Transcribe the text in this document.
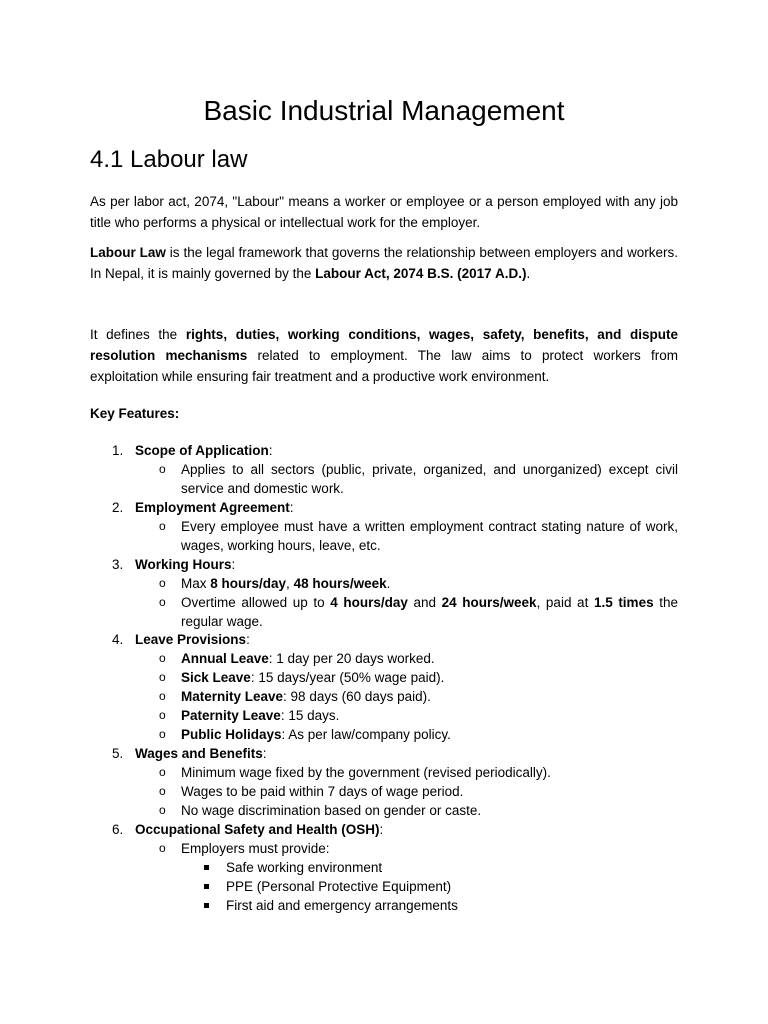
Basic Industrial Management
4.1 Labour law

As per labor act, 2074, "Labour" means a worker or employee or a person employed with any job title who performs a physical or intellectual work for the employer.

Labour Law is the legal framework that governs the relationship between employers and workers. In Nepal, it is mainly governed by the Labour Act, 2074 B.S. (2017 A.D.).

It defines the rights, duties, working conditions, wages, safety, benefits, and dispute resolution mechanisms related to employment. The law aims to protect workers from exploitation while ensuring fair treatment and a productive work environment.

Key Features:

1. Scope of Application:
o Applies to all sectors (public, private, organized, and unorganized) except civil service and domestic work.
2. Employment Agreement:
o Every employee must have a written employment contract stating nature of work, wages, working hours, leave, etc.
3. Working Hours:
o Max 8 hours/day, 48 hours/week.
o Overtime allowed up to 4 hours/day and 24 hours/week, paid at 1.5 times the regular wage.
4. Leave Provisions:
o Annual Leave: 1 day per 20 days worked.
o Sick Leave: 15 days/year (50% wage paid).
o Maternity Leave: 98 days (60 days paid).
o Paternity Leave: 15 days.
o Public Holidays: As per law/company policy.
5. Wages and Benefits:
o Minimum wage fixed by the government (revised periodically).
o Wages to be paid within 7 days of wage period.
o No wage discrimination based on gender or caste.
6. Occupational Safety and Health (OSH):
o Employers must provide:
Safe working environment
PPE (Personal Protective Equipment)
First aid and emergency arrangements
